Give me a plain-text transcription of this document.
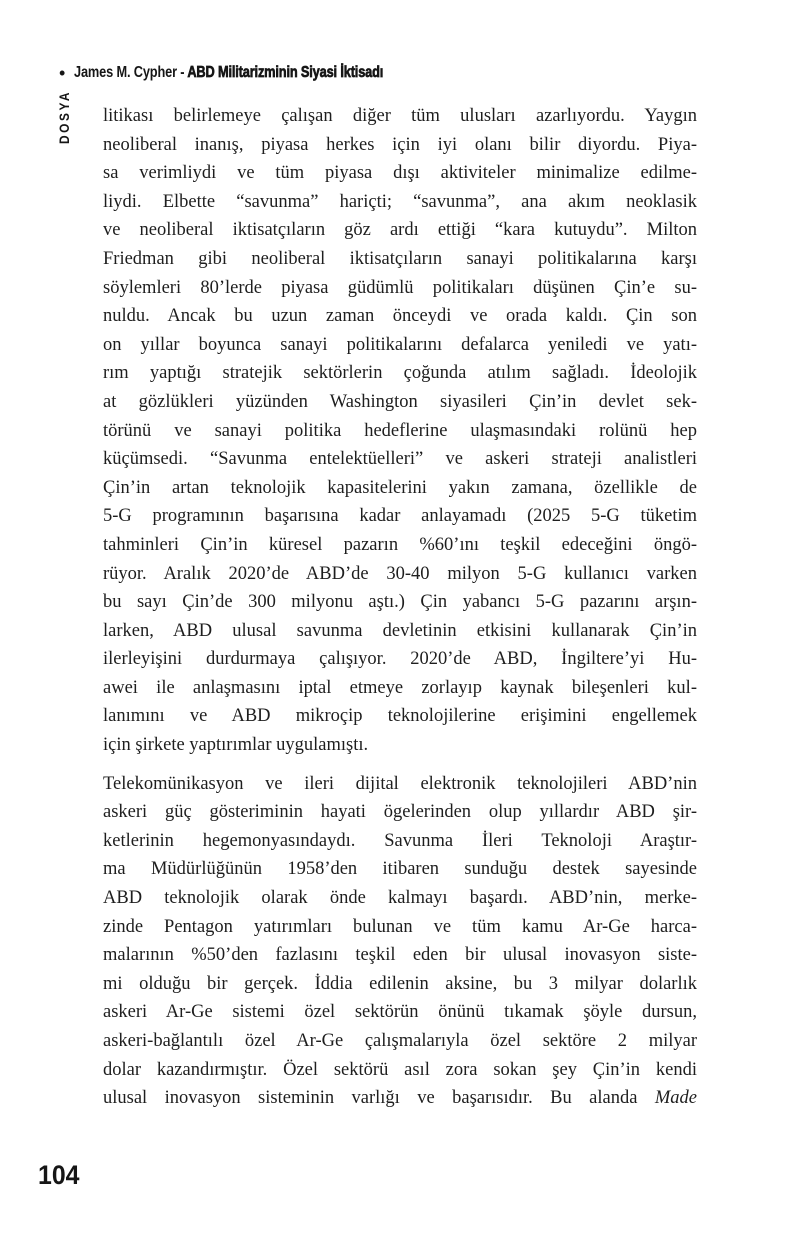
• James M. Cypher - ABD Militarizminin Siyasi İktisadı
DOSYA litikası belirlemeye çalışan diğer tüm ulusları azarlıyordu. Yaygın
neoliberal inanış, piyasa herkes için iyi olanı bilir diyordu. Piya-
sa verimliydi ve tüm piyasa dışı aktiviteler minimalize edilme-
liydi. Elbette “savunma” hariçti; “savunma”, ana akım neoklasik
ve neoliberal iktisatçıların göz ardı ettiği “kara kutuydu”. Milton
Friedman gibi neoliberal iktisatçıların sanayi politikalarına karşı
söylemleri 80’lerde piyasa güdümlü politikaları düşünen Çin’e su-
nuldu. Ancak bu uzun zaman önceydi ve orada kaldı. Çin son
on yıllar boyunca sanayi politikalarını defalarca yeniledi ve yatı-
rım yaptığı stratejik sektörlerin çoğunda atılım sağladı. İdeolojik
at gözlükleri yüzünden Washington siyasileri Çin’in devlet sek-
törünü ve sanayi politika hedeflerine ulaşmasındaki rolünü hep
küçümsedi. “Savunma entelektüelleri” ve askeri strateji analistleri
Çin’in artan teknolojik kapasitelerini yakın zamana, özellikle de
5-G programının başarısına kadar anlayamadı (2025 5-G tüketim
tahminleri Çin’in küresel pazarın %60’ını teşkil edeceğini öngö-
rüyor. Aralık 2020’de ABD’de 30-40 milyon 5-G kullanıcı varken
bu sayı Çin’de 300 milyonu aştı.) Çin yabancı 5-G pazarını arşın-
larken, ABD ulusal savunma devletinin etkisini kullanarak Çin’in
ilerleyişini durdurmaya çalışıyor. 2020’de ABD, İngiltere’yi Hu-
awei ile anlaşmasını iptal etmeye zorlayıp kaynak bileşenleri kul-
lanımını ve ABD mikroçip teknolojilerine erişimini engellemek
için şirkete yaptırımlar uygulamıştı.

Telekomünikasyon ve ileri dijital elektronik teknolojileri ABD’nin
askeri güç gösteriminin hayati ögelerinden olup yıllardır ABD şir-
ketlerinin hegemonyasındaydı. Savunma İleri Teknoloji Araştır-
ma Müdürlüğünün 1958’den itibaren sunduğu destek sayesinde
ABD teknolojik olarak önde kalmayı başardı. ABD’nin, merke-
zinde Pentagon yatırımları bulunan ve tüm kamu Ar-Ge harca-
malarının %50’den fazlasını teşkil eden bir ulusal inovasyon siste-
mi olduğu bir gerçek. İddia edilenin aksine, bu 3 milyar dolarlık
askeri Ar-Ge sistemi özel sektörün önünü tıkamak şöyle dursun,
askeri-bağlantılı özel Ar-Ge çalışmalarıyla özel sektöre 2 milyar
dolar kazandırmıştır. Özel sektörü asıl zora sokan şey Çin’in kendi
ulusal inovasyon sisteminin varlığı ve başarısıdır. Bu alanda Made

104
